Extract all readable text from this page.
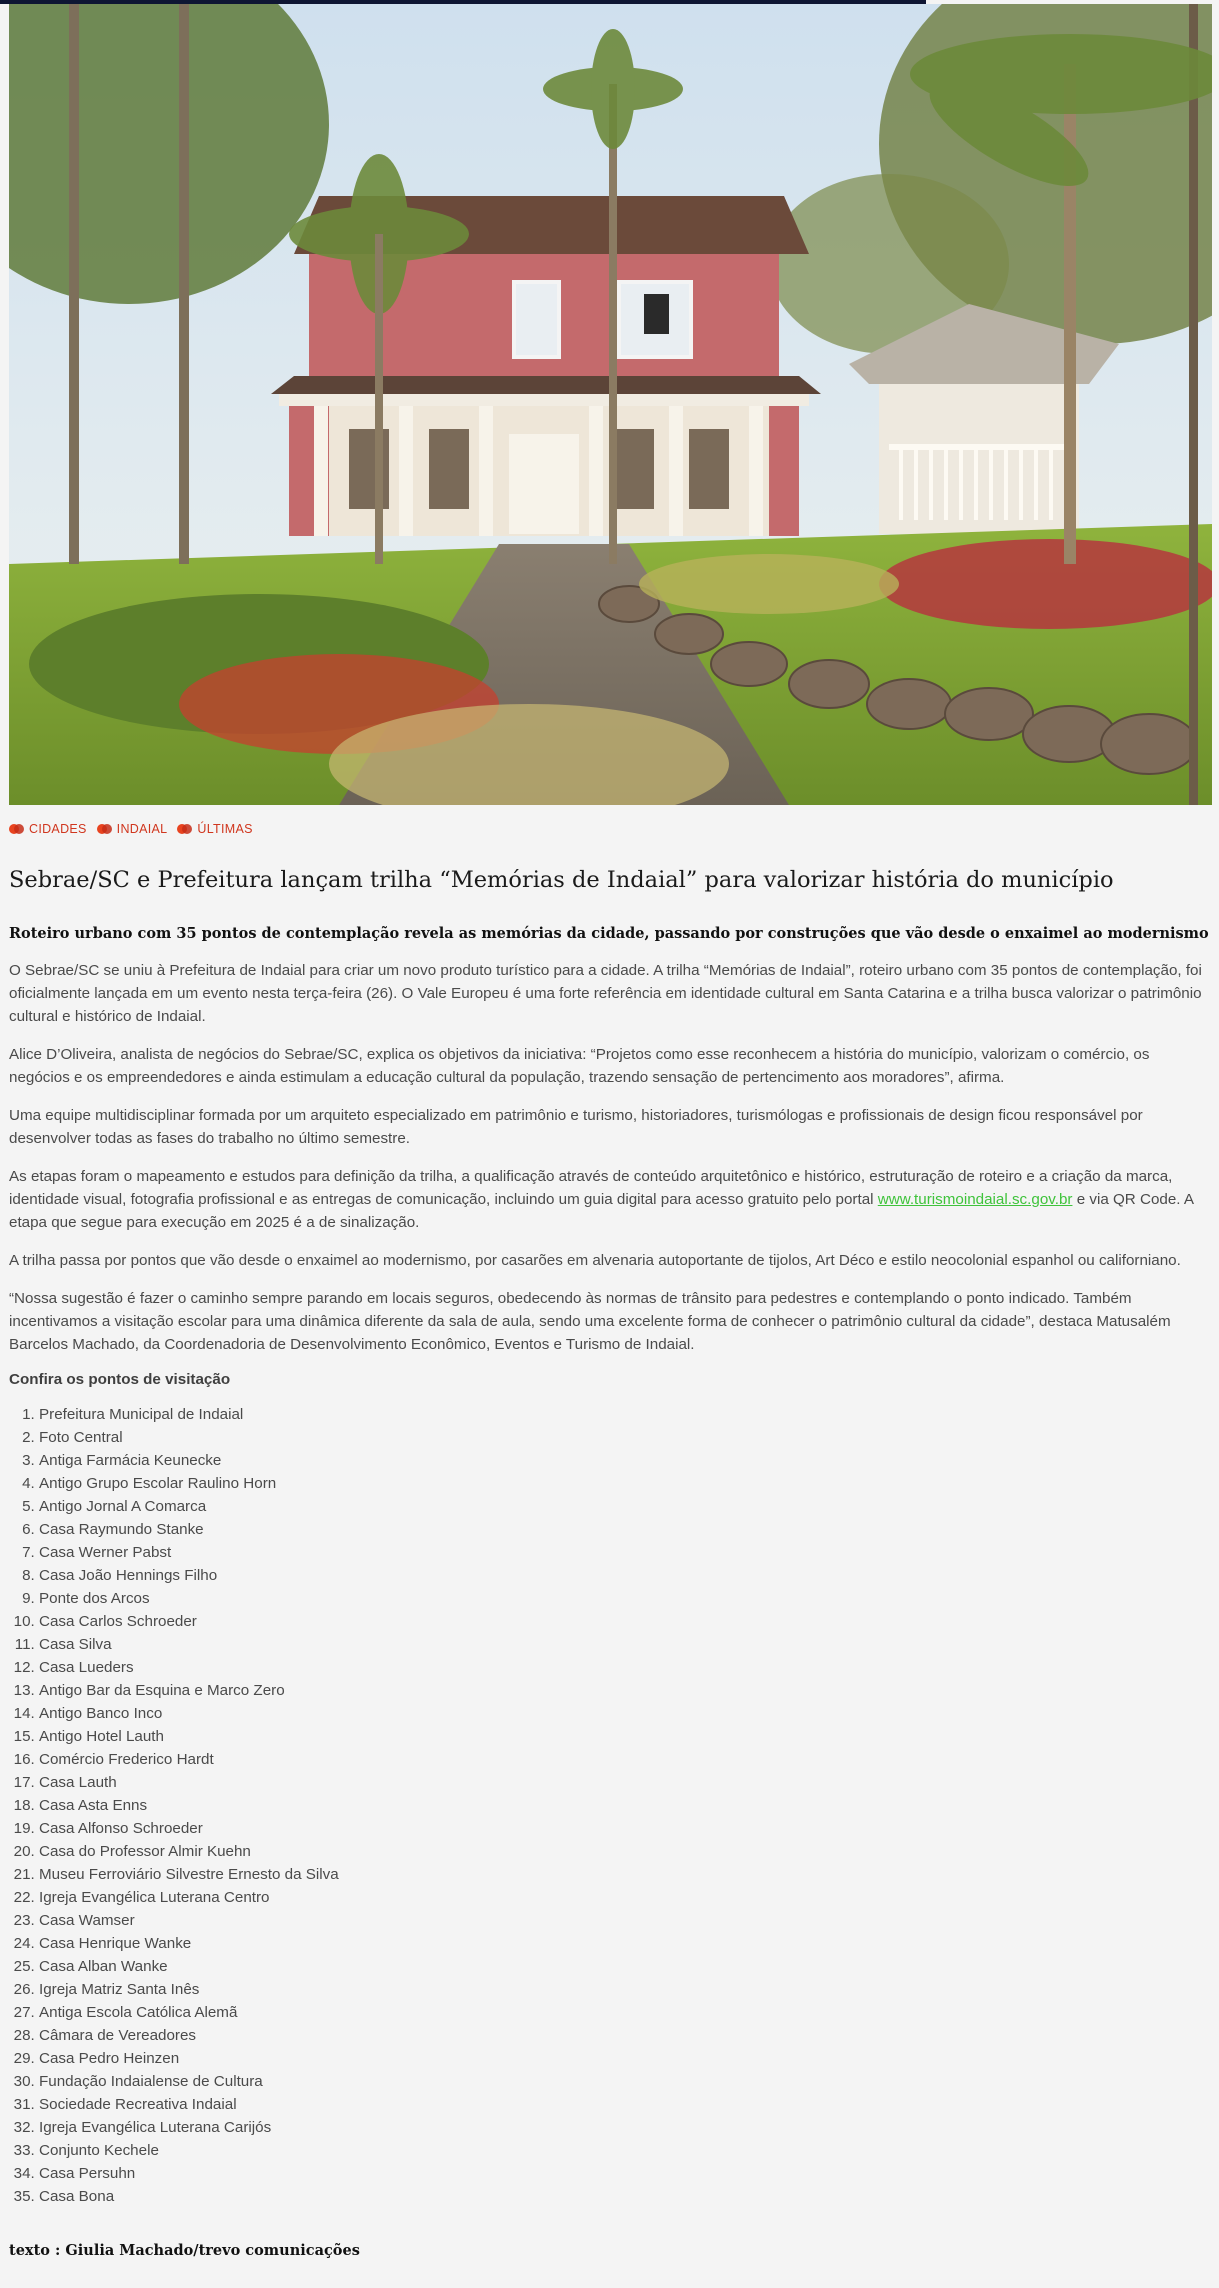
CIDADES INDAIAL ÚLTIMAS
Sebrae/SC e Prefeitura lançam trilha “Memórias de Indaial” para valorizar história do município
Roteiro urbano com 35 pontos de contemplação revela as memórias da cidade, passando por construções que vão desde o enxaimel ao modernismo

O Sebrae/SC se uniu à Prefeitura de Indaial para criar um novo produto turístico para a cidade. A trilha “Memórias de Indaial”, roteiro urbano com 35 pontos de contemplação, foi oficialmente lançada em um evento nesta terça-feira (26). O Vale Europeu é uma forte referência em identidade cultural em Santa Catarina e a trilha busca valorizar o patrimônio cultural e histórico de Indaial.

Alice D’Oliveira, analista de negócios do Sebrae/SC, explica os objetivos da iniciativa: “Projetos como esse reconhecem a história do município, valorizam o comércio, os negócios e os empreendedores e ainda estimulam a educação cultural da população, trazendo sensação de pertencimento aos moradores”, afirma.

Uma equipe multidisciplinar formada por um arquiteto especializado em patrimônio e turismo, historiadores, turismólogas e profissionais de design ficou responsável por desenvolver todas as fases do trabalho no último semestre.

As etapas foram o mapeamento e estudos para definição da trilha, a qualificação através de conteúdo arquitetônico e histórico, estruturação de roteiro e a criação da marca, identidade visual, fotografia profissional e as entregas de comunicação, incluindo um guia digital para acesso gratuito pelo portal www.turismoindaial.sc.gov.br e via QR Code. A etapa que segue para execução em 2025 é a de sinalização.

A trilha passa por pontos que vão desde o enxaimel ao modernismo, por casarões em alvenaria autoportante de tijolos, Art Déco e estilo neocolonial espanhol ou californiano.

“Nossa sugestão é fazer o caminho sempre parando em locais seguros, obedecendo às normas de trânsito para pedestres e contemplando o ponto indicado. Também incentivamos a visitação escolar para uma dinâmica diferente da sala de aula, sendo uma excelente forma de conhecer o patrimônio cultural da cidade”, destaca Matusalém Barcelos Machado, da Coordenadoria de Desenvolvimento Econômico, Eventos e Turismo de Indaial.

Confira os pontos de visitação
1. Prefeitura Municipal de Indaial
2. Foto Central
3. Antiga Farmácia Keunecke
4. Antigo Grupo Escolar Raulino Horn
5. Antigo Jornal A Comarca
6. Casa Raymundo Stanke
7. Casa Werner Pabst
8. Casa João Hennings Filho
9. Ponte dos Arcos
10. Casa Carlos Schroeder
11. Casa Silva
12. Casa Lueders
13. Antigo Bar da Esquina e Marco Zero
14. Antigo Banco Inco
15. Antigo Hotel Lauth
16. Comércio Frederico Hardt
17. Casa Lauth
18. Casa Asta Enns
19. Casa Alfonso Schroeder
20. Casa do Professor Almir Kuehn
21. Museu Ferroviário Silvestre Ernesto da Silva
22. Igreja Evangélica Luterana Centro
23. Casa Wamser
24. Casa Henrique Wanke
25. Casa Alban Wanke
26. Igreja Matriz Santa Inês
27. Antiga Escola Católica Alemã
28. Câmara de Vereadores
29. Casa Pedro Heinzen
30. Fundação Indaialense de Cultura
31. Sociedade Recreativa Indaial
32. Igreja Evangélica Luterana Carijós
33. Conjunto Kechele
34. Casa Persuhn
35. Casa Bona
texto : Giulia Machado/trevo comunicações
